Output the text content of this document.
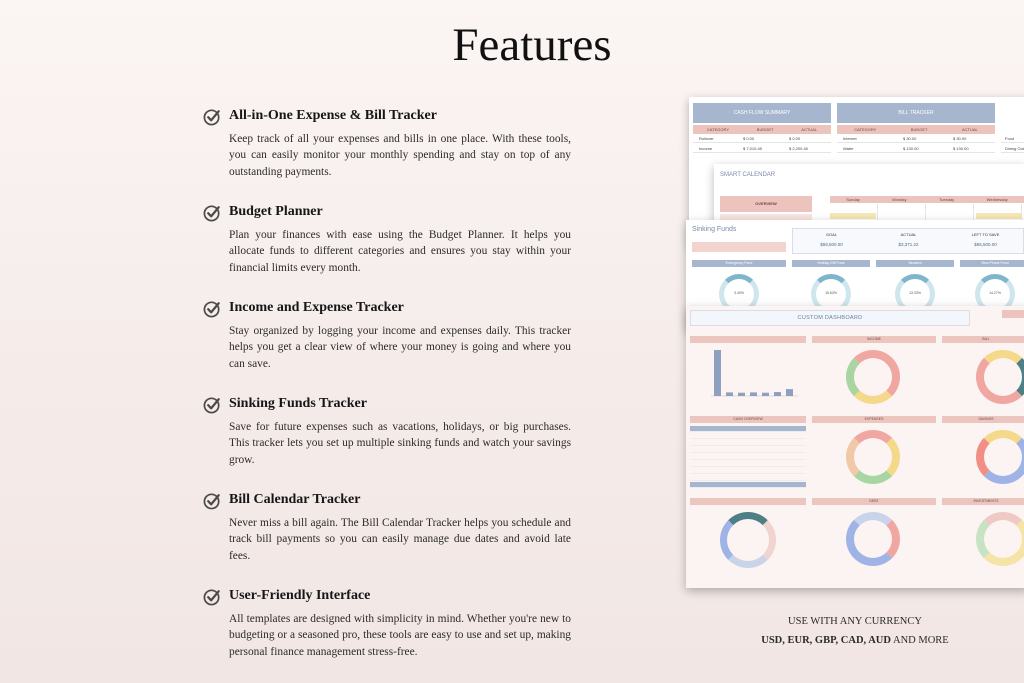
Features
All-in-One Expense & Bill Tracker

Keep track of all your expenses and bills in one place. With these tools, you can easily monitor your monthly spending and stay on top of any outstanding payments.

Budget Planner

Plan your finances with ease using the Budget Planner. It helps you allocate funds to different categories and ensures you stay within your financial limits every month.

Income and Expense Tracker

Stay organized by logging your income and expenses daily. This tracker helps you get a clear view of where your money is going and where you can save.

Sinking Funds Tracker

Save for future expenses such as vacations, holidays, or big purchases. This tracker lets you set up multiple sinking funds and watch your savings grow.

Bill Calendar Tracker

Never miss a bill again. The Bill Calendar Tracker helps you schedule and track bill payments so you can easily manage due dates and avoid late fees.

User-Friendly Interface

All templates are designed with simplicity in mind. Whether you're new to budgeting or a seasoned pro, these tools are easy to use and set up, making personal finance management stress-free.

CASH FLOW SUMMARY
CATEGORY	BUDGET	ACTUAL
Rollover	$ 0.00	$ 0.00
Income	$ 7,010.45	$ 2,200.45
BILL TRACKER
CATEGORY	BUDGET	ACTUAL
Internet	$ 30.00	$ 30.00
Water	$ 130.00	$ 130.00
Food
Dining Out
SMART CALENDAR
OVERVIEW
Sunday	Monday	Tuesday	Wednesday
Sinking Funds
GOAL	ACTUAL	LEFT TO SAVE
$69,500.00	$3,371.22	$65,500.00
Emergency Fund
3.40%
Holiday Gift Fund
15.63%
Vacation
13.33%
New Phone Fund
14.27%
CUSTOM DASHBOARD
CASH OVERVIEW
INCOME	BILL
EXPENSES	SAVINGS
DEBT	INVESTMENTS
USE WITH ANY CURRENCY
USD, EUR, GBP, CAD, AUD AND MORE
